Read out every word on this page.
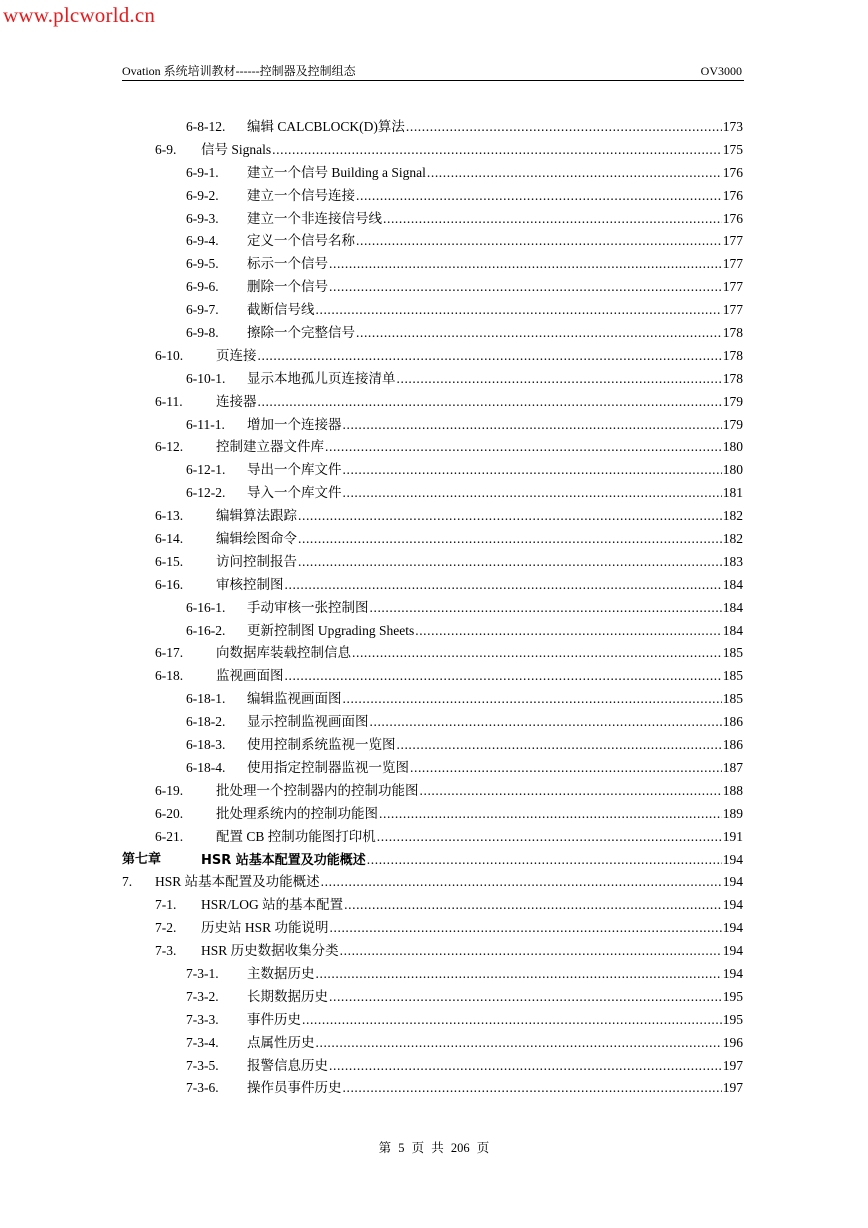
www.plcworld.cn
Ovation 系统培训教材------控制器及控制组态	OV3000
6-8-12. 编辑 CALCBLOCK(D)算法 .....	173
6-9. 信号 Signals .....	175
6-9-1. 建立一个信号 Building a Signal .....	176
6-9-2. 建立一个信号连接 .....	176
6-9-3. 建立一个非连接信号线 .....	176
6-9-4. 定义一个信号名称 .....	177
6-9-5. 标示一个信号 .....	177
6-9-6. 删除一个信号 .....	177
6-9-7. 截断信号线 .....	177
6-9-8. 擦除一个完整信号 .....	178
6-10. 页连接 .....	178
6-10-1. 显示本地孤儿页连接清单 .....	178
6-11. 连接器 .....	179
6-11-1. 增加一个连接器 .....	179
6-12. 控制建立器文件库 .....	180
6-12-1. 导出一个库文件 .....	180
6-12-2. 导入一个库文件 .....	181
6-13. 编辑算法跟踪 .....	182
6-14. 编辑绘图命令 .....	182
6-15. 访问控制报告 .....	183
6-16. 审核控制图 .....	184
6-16-1. 手动审核一张控制图 .....	184
6-16-2. 更新控制图 Upgrading Sheets .....	184
6-17. 向数据库装载控制信息 .....	185
6-18. 监视画面图 .....	185
6-18-1. 编辑监视画面图 .....	185
6-18-2. 显示控制监视画面图 .....	186
6-18-3. 使用控制系统监视一览图 .....	186
6-18-4. 使用指定控制器监视一览图 .....	187
6-19. 批处理一个控制器内的控制功能图 .....	188
6-20. 批处理系统内的控制功能图 .....	189
6-21. 配置 CB 控制功能图打印机 .....	191
第七章	HSR 站基本配置及功能概述 .....	194
7. HSR 站基本配置及功能概述 .....	194
7-1. HSR/LOG 站的基本配置 .....	194
7-2. 历史站 HSR 功能说明 .....	194
7-3. HSR 历史数据收集分类 .....	194
7-3-1. 主数据历史 .....	194
7-3-2. 长期数据历史 .....	195
7-3-3. 事件历史 .....	195
7-3-4. 点属性历史 .....	196
7-3-5. 报警信息历史 .....	197
7-3-6. 操作员事件历史 .....	197
第 5 页 共 206 页
